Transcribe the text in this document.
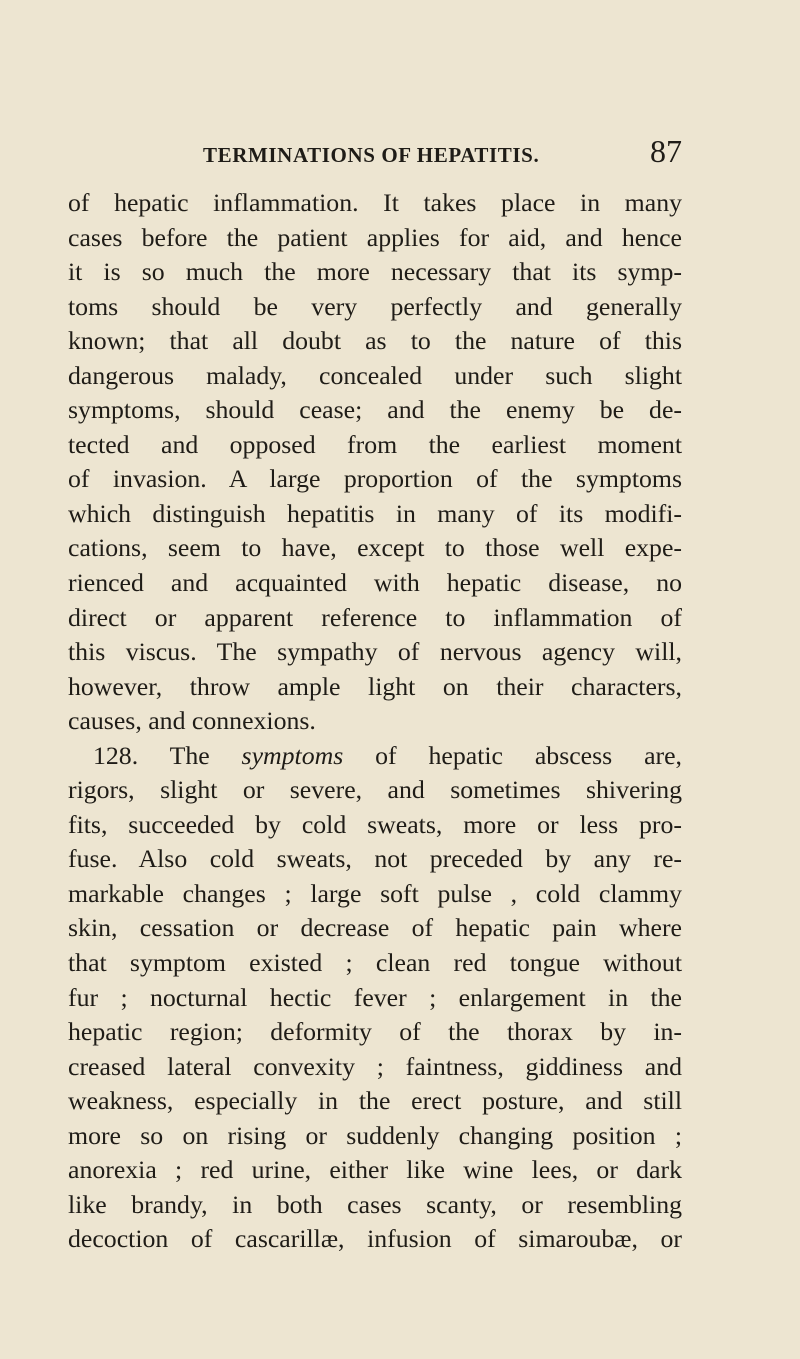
TERMINATIONS OF HEPATITIS.	87
of hepatic inflammation. It takes place in many
cases before the patient applies for aid, and hence
it is so much the more necessary that its symp-
toms should be very perfectly and generally
known; that all doubt as to the nature of this
dangerous malady, concealed under such slight
symptoms, should cease; and the enemy be de-
tected and opposed from the earliest moment
of invasion. A large proportion of the symptoms
which distinguish hepatitis in many of its modifi-
cations, seem to have, except to those well expe-
rienced and acquainted with hepatic disease, no
direct or apparent reference to inflammation of
this viscus. The sympathy of nervous agency will,
however, throw ample light on their characters,
causes, and connexions.
128. The symptoms of hepatic abscess are,
rigors, slight or severe, and sometimes shivering
fits, succeeded by cold sweats, more or less pro-
fuse. Also cold sweats, not preceded by any re-
markable changes ; large soft pulse , cold clammy
skin, cessation or decrease of hepatic pain where
that symptom existed ; clean red tongue without
fur ; nocturnal hectic fever ; enlargement in the
hepatic region; deformity of the thorax by in-
creased lateral convexity ; faintness, giddiness and
weakness, especially in the erect posture, and still
more so on rising or suddenly changing position ;
anorexia ; red urine, either like wine lees, or dark
like brandy, in both cases scanty, or resembling
decoction of cascarillæ, infusion of simaroubæ, or
